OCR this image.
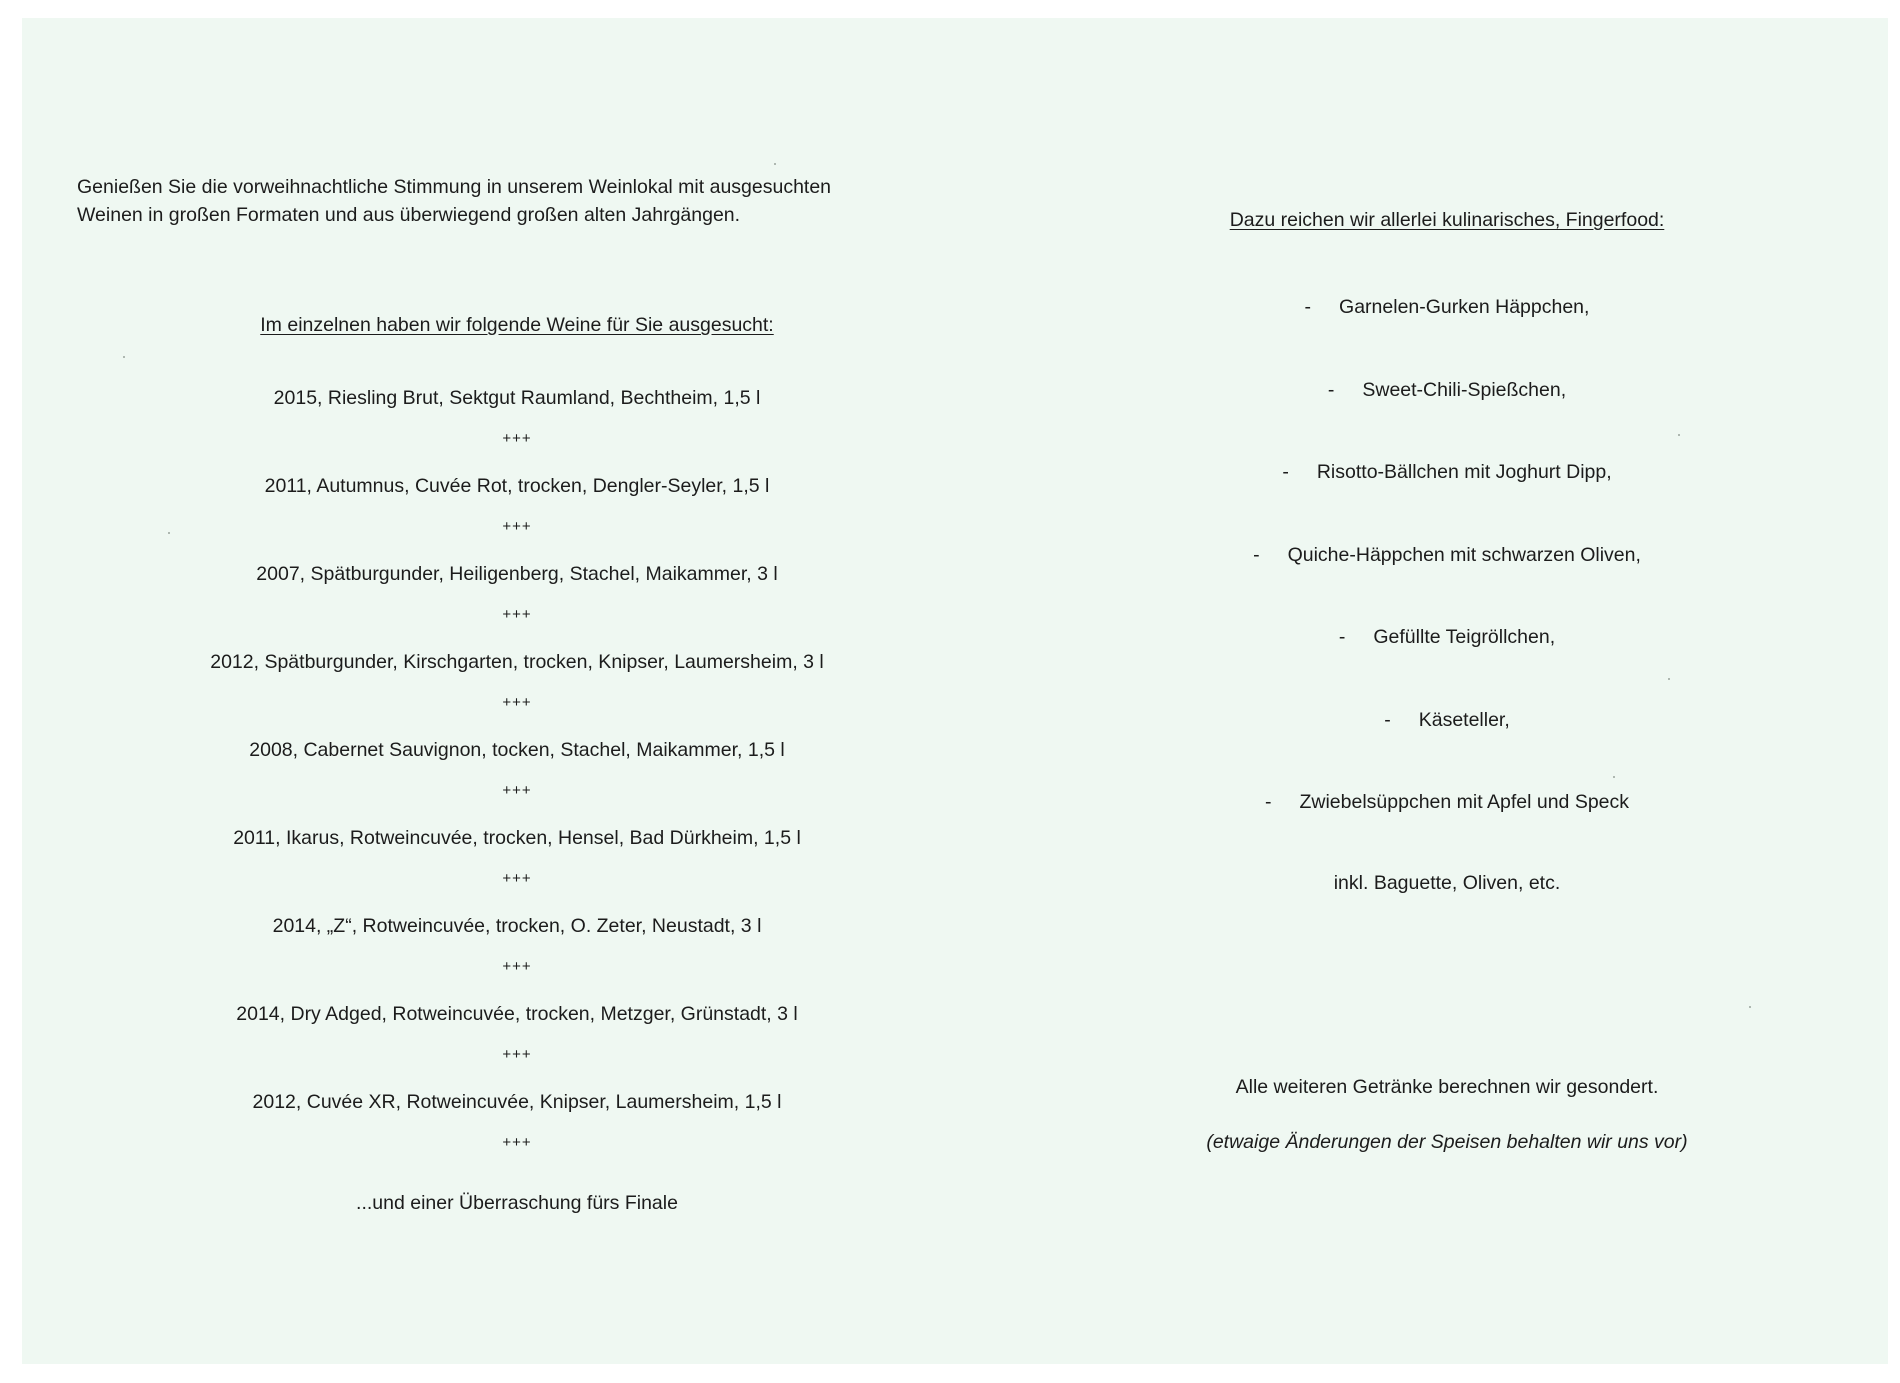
Genießen Sie die vorweihnachtliche Stimmung in unserem Weinlokal mit ausgesuchten
Weinen in großen Formaten und aus überwiegend großen alten Jahrgängen.
Im einzelnen haben wir folgende Weine für Sie ausgesucht:
2015, Riesling Brut, Sektgut Raumland, Bechtheim, 1,5 l
+++
2011, Autumnus, Cuvée Rot, trocken, Dengler-Seyler, 1,5 l
+++
2007, Spätburgunder, Heiligenberg, Stachel, Maikammer, 3 l
+++
2012, Spätburgunder, Kirschgarten, trocken, Knipser, Laumersheim, 3 l
+++
2008, Cabernet Sauvignon, tocken, Stachel, Maikammer, 1,5 l
+++
2011, Ikarus, Rotweincuvée, trocken, Hensel, Bad Dürkheim, 1,5 l
+++
2014, „Z“, Rotweincuvée, trocken, O. Zeter, Neustadt, 3 l
+++
2014, Dry Adged, Rotweincuvée, trocken, Metzger, Grünstadt, 3 l
+++
2012, Cuvée XR, Rotweincuvée, Knipser, Laumersheim, 1,5 l
+++
...und einer Überraschung fürs Finale
Dazu reichen wir allerlei kulinarisches, Fingerfood:
- Garnelen-Gurken Häppchen,
- Sweet-Chili-Spießchen,
- Risotto-Bällchen mit Joghurt Dipp,
- Quiche-Häppchen mit schwarzen Oliven,
- Gefüllte Teigröllchen,
- Käseteller,
- Zwiebelsüppchen mit Apfel und Speck
inkl. Baguette, Oliven, etc.
Alle weiteren Getränke berechnen wir gesondert.
(etwaige Änderungen der Speisen behalten wir uns vor)
